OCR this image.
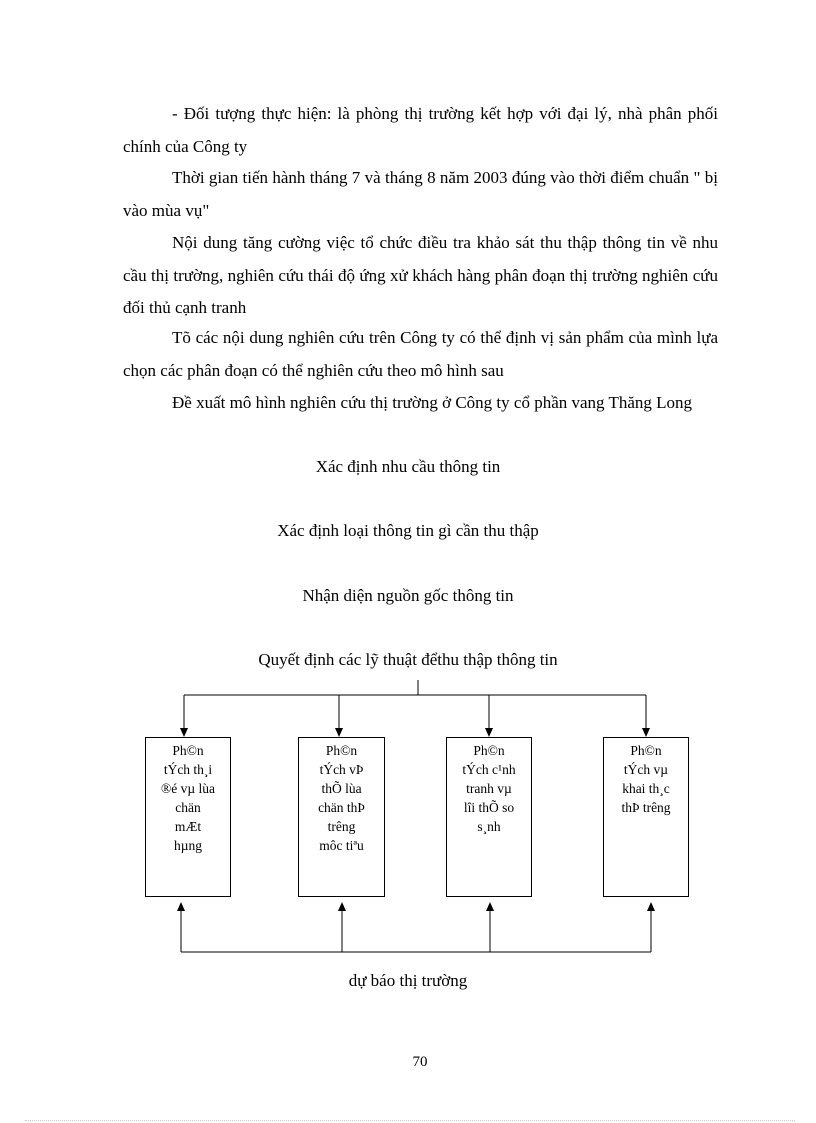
- Đối tượng thực hiện: là phòng thị trường kết hợp với đại lý, nhà phân phối chính của Công ty

Thời gian tiến hành tháng 7 và tháng 8 năm 2003 đúng vào thời điểm chuẩn " bị vào mùa vụ"

Nội dung tăng cường việc tổ chức điều tra khảo sát thu thập thông tin về nhu cầu thị trường, nghiên cứu thái độ ứng xử khách hàng phân đoạn thị trường nghiên cứu đối thủ cạnh tranh

Tõ các nội dung nghiên cứu trên Công ty có thể định vị sản phẩm của mình lựa chọn các phân đoạn có thể nghiên cứu theo mô hình sau

Đề xuất mô hình nghiên cứu thị trường ở Công ty cổ phần vang Thăng Long

Xác định nhu cầu thông tin

Xác định loại thông tin gì cần thu thập

Nhận diện nguồn gốc thông tin

Quyết định các lỹ thuật đểthu thập thông tin

Ph©n
tÝch th¸i
®é vµ lùa
chän
mÆt
hµng
Ph©n
tÝch vÞ
thÕ lùa
chän thÞ
trêng
môc tiªu
Ph©n
tÝch c¹nh
tranh vµ
lîi thÕ so
s¸nh
Ph©n
tÝch vµ
khai th¸c
thÞ trêng

dự báo thị trường

70
